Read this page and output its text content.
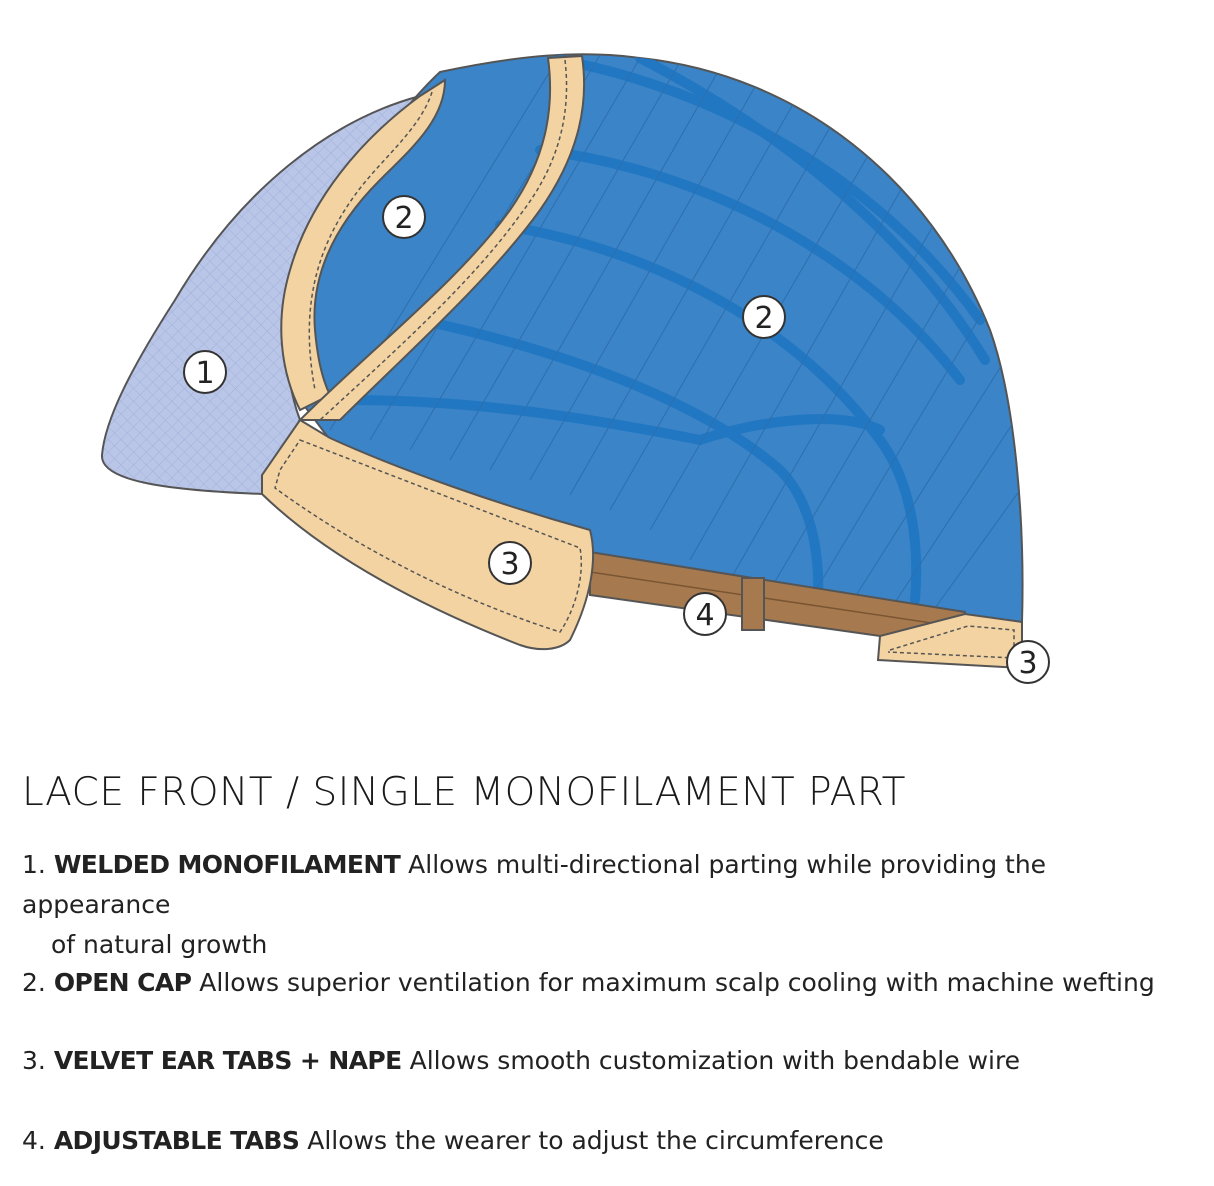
1
2
2
3
4
3
LACE FRONT / SINGLE MONOFILAMENT PART
1. WELDED MONOFILAMENT Allows multi-directional parting while providing the appearance
of natural growth
2. OPEN CAP Allows superior ventilation for maximum scalp cooling with machine wefting
3. VELVET EAR TABS + NAPE Allows smooth customization with bendable wire
4. ADJUSTABLE TABS Allows the wearer to adjust the circumference
